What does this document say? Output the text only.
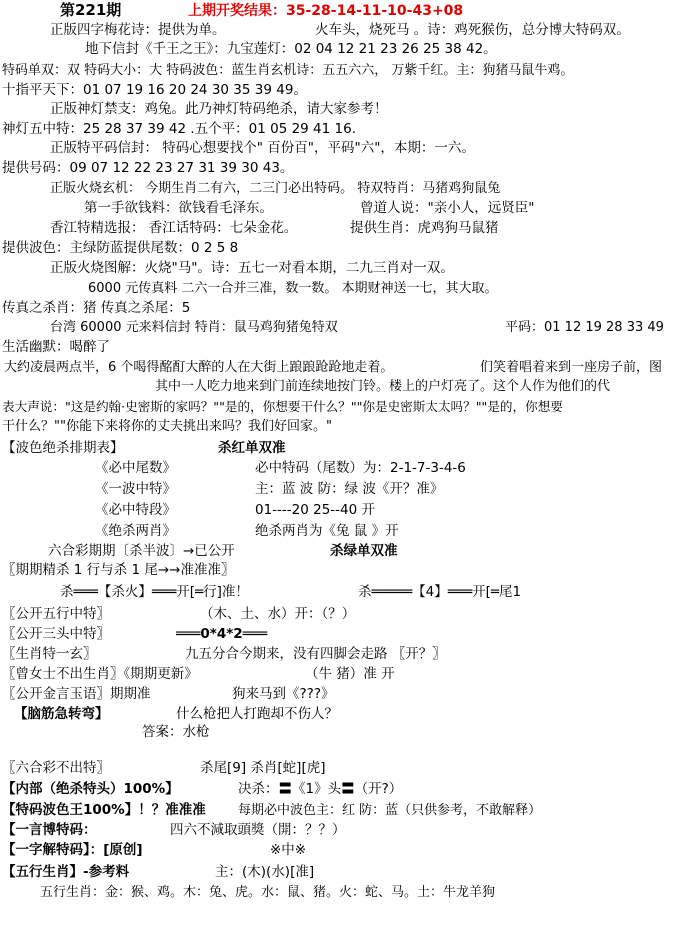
第221期	上期开奖结果：35-28-14-11-10-43+08
正版四字梅花诗：提供为单。	火车头，烧死马 。诗：鸡死猴伤，总分博大特码双。
地下信封《千王之王》：九宝莲灯：02 04 12 21 23 26 25 38 42。
特码单双：双 特码大小：大 特码波色：蓝生肖玄机诗：五五六六， 万紫千红。主：狗猪马鼠牛鸡。
十指平天下：01 07 19 16 20 24 30 35 39 49。
正版神灯禁支：鸡兔。此乃神灯特码绝杀，请大家参考！
神灯五中特：25 28 37 39 42 .五个平：01 05 29 41 16.
正版特平码信封： 特码心想要找个" 百份百"，平码"六"，本期：一六。
提供号码：09 07 12 22 23 27 31 39 30 43。
正版火烧玄机： 今期生肖二有六，二三门必出特码。 特双特肖：马猪鸡狗鼠兔
第一手欲钱料：欲钱看毛泽东。	曾道人说："亲小人，远贤臣"
香江特精选报： 香江话特码：七朵金花。	提供生肖：虎鸡狗马鼠猪
提供波色：主绿防蓝提供尾数：0 2 5 8
正版火烧图解：火烧"马"。诗：五七一对看本期，二九三肖对一双。
6000 元传真料 二六一合并三准，数一数。 本期财神送一七，其大取。
传真之杀肖：猪 传真之杀尾：5
台湾 60000 元来料信封 特肖：鼠马鸡狗猪兔特双	平码：01 12 19 28 33 49
生活幽默：喝醉了
大约凌晨两点半，6 个喝得酩酊大醉的人在大街上踉踉跄跄地走着。	们笑着唱着来到一座房子前，图
其中一人吃力地来到门前连续地按门铃。楼上的户灯亮了。这个人作为他们的代
表大声说："这是约翰·史密斯的家吗？""是的，你想要干什么？""你是史密斯太太吗？""是的，你想要
干什么？""你能下来将你的丈夫挑出来吗？我们好回家。"
【波色绝杀排期表】	杀红单双准
《必中尾数》	必中特码（尾数）为：2-1-7-3-4-6
《一波中特》	主：蓝 波 防：绿 波《开？准》
《必中特段》	01----20 25--40 开
《绝杀两肖》	绝杀两肖为《兔 鼠 》开
六合彩期期〔杀半波〕→已公开	杀绿单双准
〖期期精杀 1 行与杀 1 尾→→准准准〗
杀═══【杀火】═══开[═行]准！	杀═════【4】═══开[═尾1
〖公开五行中特〗	（木、土、水）开：（？）
〖公开三头中特〗	═══0*4*2═══
〖生肖特一玄〗	九五分合今期来，没有四脚会走路 〖开？〗
〖曾女士不出生肖〗《期期更新》	（牛 猪）准 开
〖公开金言玉语〗期期准	狗来马到《???》
【脑筋急转弯】	什么枪把人打跑却不伤人？
答案：水枪
〖六合彩不出特〗	杀尾[9] 杀肖[蛇][虎]
【内部（绝杀特头）100%】	决杀：〓《1》头〓（开?）
【特码波色王100%】！？准准准 每期必中波色主：红 防：蓝（只供参考，不敢解释）
【一言博特码：	四六不減取頭獎（開：？？）
【一字解特码】：[原创]	※中※
【五行生肖】-参考料	主：(木)(水)[准]
五行生肖：金：猴、鸡。木：兔、虎。水：鼠、猪。火：蛇、马。土：牛龙羊狗
